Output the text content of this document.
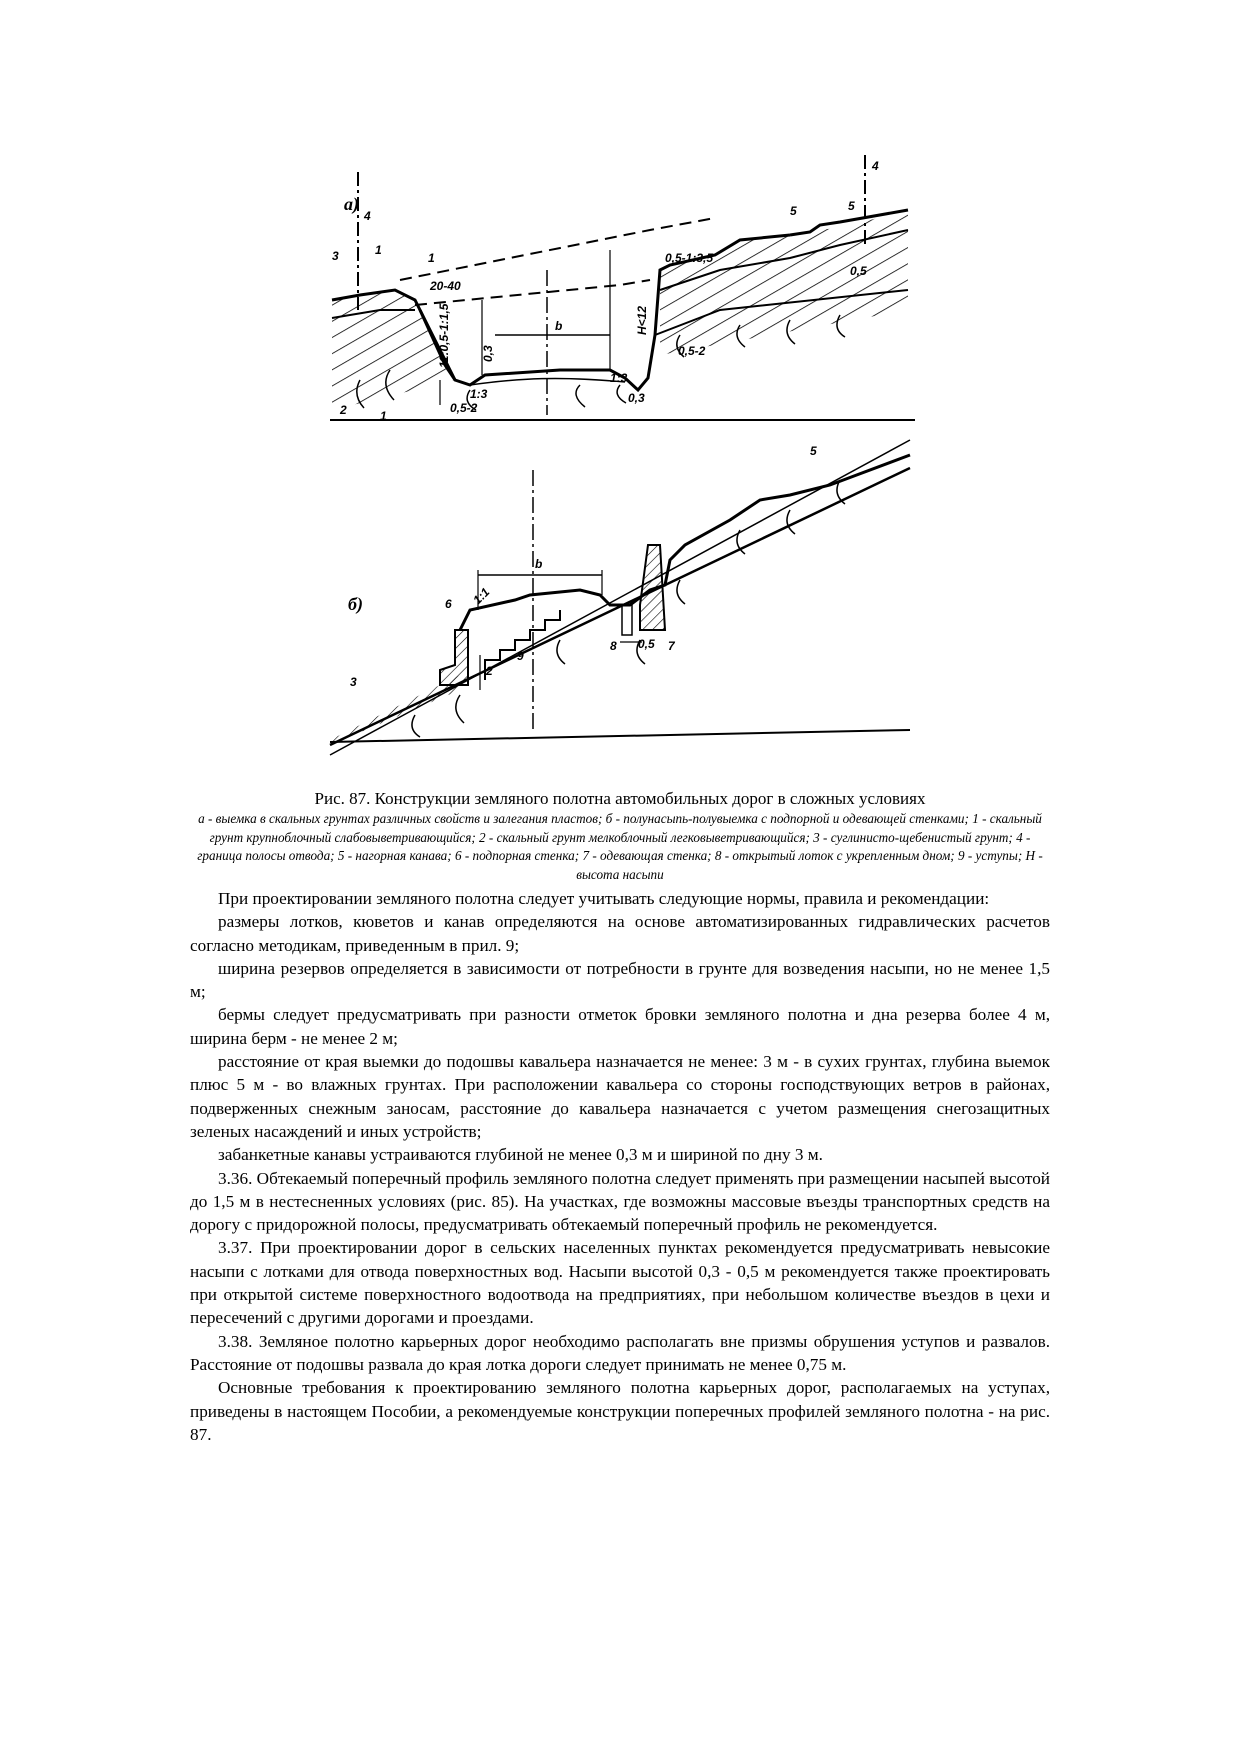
а)
2	1
3
4
4
5
1
1
20-40
11:0,5-1:1,5	0,3
b
1:3
0,5-2
H<12
0,5-1:3,5
5
0,5
0,5-2
1:3
0,3
б)
5
6
3
8	7
9
2
b
1:1
0,5
Рис. 87. Конструкции земляного полотна автомобильных дорог в сложных условиях
а - выемка в скальных грунтах различных свойств и залегания пластов; б - полунасыпь-полувыемка с подпорной и одевающей стенками; 1 - скальный грунт крупноблочный слабовыветривающийся; 2 - скальный грунт мелкоблочный легковыветривающийся; 3 - суглинисто-щебенистый грунт; 4 - граница полосы отвода; 5 - нагорная канава; 6 - подпорная стенка; 7 - одевающая стенка; 8 - открытый лоток с укрепленным дном; 9 - уступы; H - высота насыпи

При проектировании земляного полотна следует учитывать следующие нормы, правила и рекомендации:

размеры лотков, кюветов и канав определяются на основе автоматизированных гидравлических расчетов согласно методикам, приведенным в прил. 9;

ширина резервов определяется в зависимости от потребности в грунте для возведения насыпи, но не менее 1,5 м;

бермы следует предусматривать при разности отметок бровки земляного полотна и дна резерва более 4 м, ширина берм - не менее 2 м;

расстояние от края выемки до подошвы кавальера назначается не менее: 3 м - в сухих грунтах, глубина выемок плюс 5 м - во влажных грунтах. При расположении кавальера со стороны господствующих ветров в районах, подверженных снежным заносам, расстояние до кавальера назначается с учетом размещения снегозащитных зеленых насаждений и иных устройств;

забанкетные канавы устраиваются глубиной не менее 0,3 м и шириной по дну 3 м.

3.36. Обтекаемый поперечный профиль земляного полотна следует применять при размещении насыпей высотой до 1,5 м в нестесненных условиях (рис. 85). На участках, где возможны массовые въезды транспортных средств на дорогу с придорожной полосы, предусматривать обтекаемый поперечный профиль не рекомендуется.

3.37. При проектировании дорог в сельских населенных пунктах рекомендуется предусматривать невысокие насыпи с лотками для отвода поверхностных вод. Насыпи высотой 0,3 - 0,5 м рекомендуется также проектировать при открытой системе поверхностного водоотвода на предприятиях, при небольшом количестве въездов в цехи и пересечений с другими дорогами и проездами.

3.38. Земляное полотно карьерных дорог необходимо располагать вне призмы обрушения уступов и развалов. Расстояние от подошвы развала до края лотка дороги следует принимать не менее 0,75 м.

Основные требования к проектированию земляного полотна карьерных дорог, располагаемых на уступах, приведены в настоящем Пособии, а рекомендуемые конструкции поперечных профилей земляного полотна - на рис. 87.
